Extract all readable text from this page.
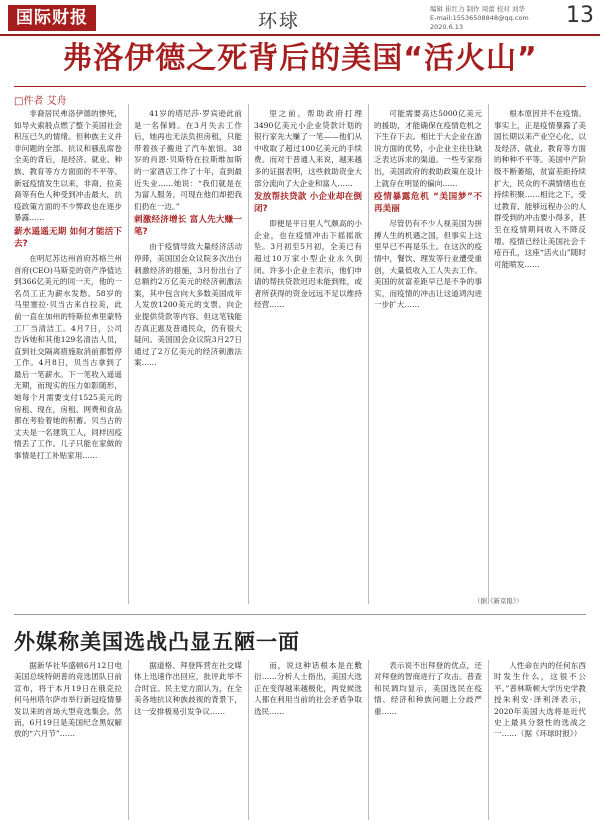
国际财报	环球
编辑 崔红力 制作 周蕾 校对 刘华
E-mail:15536508848@qq.com 2020.6.13	13
弗洛伊德之死背后的美国“活火山”
□件者 艾舟

非裔居民弗洛伊德的惨死，如导火索般点燃了整个美国社会积压已久的情绪。但种族主义并非问题的全部。抗议和骚乱席卷全美的背后，是经济、就业、种族、教育等方方面面的不平等。新冠疫情发生以来，非裔、拉美裔等有色人种受到冲击最大，抗疫政策方面的不少弊政也在逐步暴露……

薪水遥遥无期 如何才能活下去?

在明尼苏达州首府苏格兰州首府(CEO)马斯克的资产净值达到366亿美元的同一天，他的一名员工正为薪水发愁。58岁的马里塞拉·贝当古来自拉美，此前一直在加州的特斯拉弗里蒙特工厂当清洁工。4月7日，公司告诉她和其他129名清洁人员，直到社交隔离措施取消前都暂停工作。4月8日，贝当古拿到了最后一笔薪水。下一笔收入遥遥无期，而现实的压力如影随形，她每个月需要支付1525美元的房租、现在，房租、网费和食品都在考验着她的积蓄。贝当古的丈夫是一名建筑工人，同样因疫情丢了工作。儿子只能在家做的事情是打工补贴家用……

41岁的塔尼莎·罗宾逊此前是一名保姆。在3月失去工作后，她再也无法负担房租，只能带着孩子搬进了汽车旅馆。38岁的肖恩·贝斯特在拉斯维加斯的一家酒店工作了十年，直到最近失业……她说：“我们就是在为富人服务，可现在他们却把我们扔在一边。”

刺激经济增长 富人先大赚一笔?

由于疫情导致大量经济活动停滞，美国国会众议院多次出台刺激经济的措施，3月份出台了总额约2万亿美元的经济刺激法案，其中包含向大多数美国成年人发放1200美元的支票、向企业提供贷款等内容。但这笔钱能否真正惠及普通民众，仍有很大疑问。美国国会众议院3月27日通过了2万亿美元的经济刺激法案……

里之前，帮助政府打理3490亿美元小企业贷款计划的银行家先大赚了一笔——他们从中收取了超过100亿美元的手续费。而对于普通人来说，越来越多的证据表明，这些救助资金大部分流向了大企业和富人……

发放帮扶贷款 小企业却在倒闭?

即便是平日里人气颇高的小企业，也在疫情冲击下摇摇欲坠。3月初至5月初，全美已有超过10万家小型企业永久倒闭。许多小企业主表示，他们申请的帮扶贷款迟迟未能到账，或者所获得的资金远远不足以维持经营……

可能需要高达5000亿美元的援助，才能确保在疫情危机之下生存下去。相比于大企业在游说方面的优势，小企业主往往缺乏表达诉求的渠道。一些专家指出，美国政府的救助政策在设计上就存在明显的偏向……

疫情暴露危机 “美国梦”不再美丽

尽管仍有不少人视美国为拼搏人生的机遇之国，但事实上这里早已不再是乐土。在这次的疫情中，餐饮、理发等行业遭受重创，大量低收入工人失去工作。美国的贫富差距早已是不争的事实，而疫情的冲击让这道鸿沟进一步扩大……

根本原因并不在疫情。事实上，正是疫情暴露了美国长期以来产业空心化、以及经济、就业、教育等方面的种种不平等。美国中产阶级不断萎缩，贫富差距持续扩大，民众的不满情绪也在持续积聚……相比之下，受过教育、能够远程办公的人群受到的冲击要小得多，甚至在疫情期间收入不降反增。疫情已经让美国社会千疮百孔，这座“活火山”随时可能喷发……

（据《新京报》）
外媒称美国选战凸显五陋一面
据新华社华盛顿6月12日电 美国总统特朗普的竞选团队日前宣布，将于本月19日在俄克拉何马州塔尔萨市举行新冠疫情暴发以来的首场大型竞选集会。然而，6月19日是美国纪念黑奴解放的“六月节”……
据道格、拜登阵营在社交媒体上迅速作出回应，批评此举不合时宜。民主党方面认为，在全美各地抗议种族歧视的背景下，这一安排极易引发争议……
而，说这种话根本是在敷衍……分析人士指出，美国大选正在变得越来越极化，两党候选人都在利用当前的社会矛盾争取选民……
表示说不出拜登的优点，还对拜登的智商进行了攻击。普查和民调均显示，美国选民在疫情、经济和种族问题上分歧严重……
人性命在内的任何东西时发生什么，这很不公平。”普林斯顿大学历史学教授朱利安·泽利泽表示，2020年美国大选将是近代史上最具分裂性的选战之一……（据《环球时报》）
